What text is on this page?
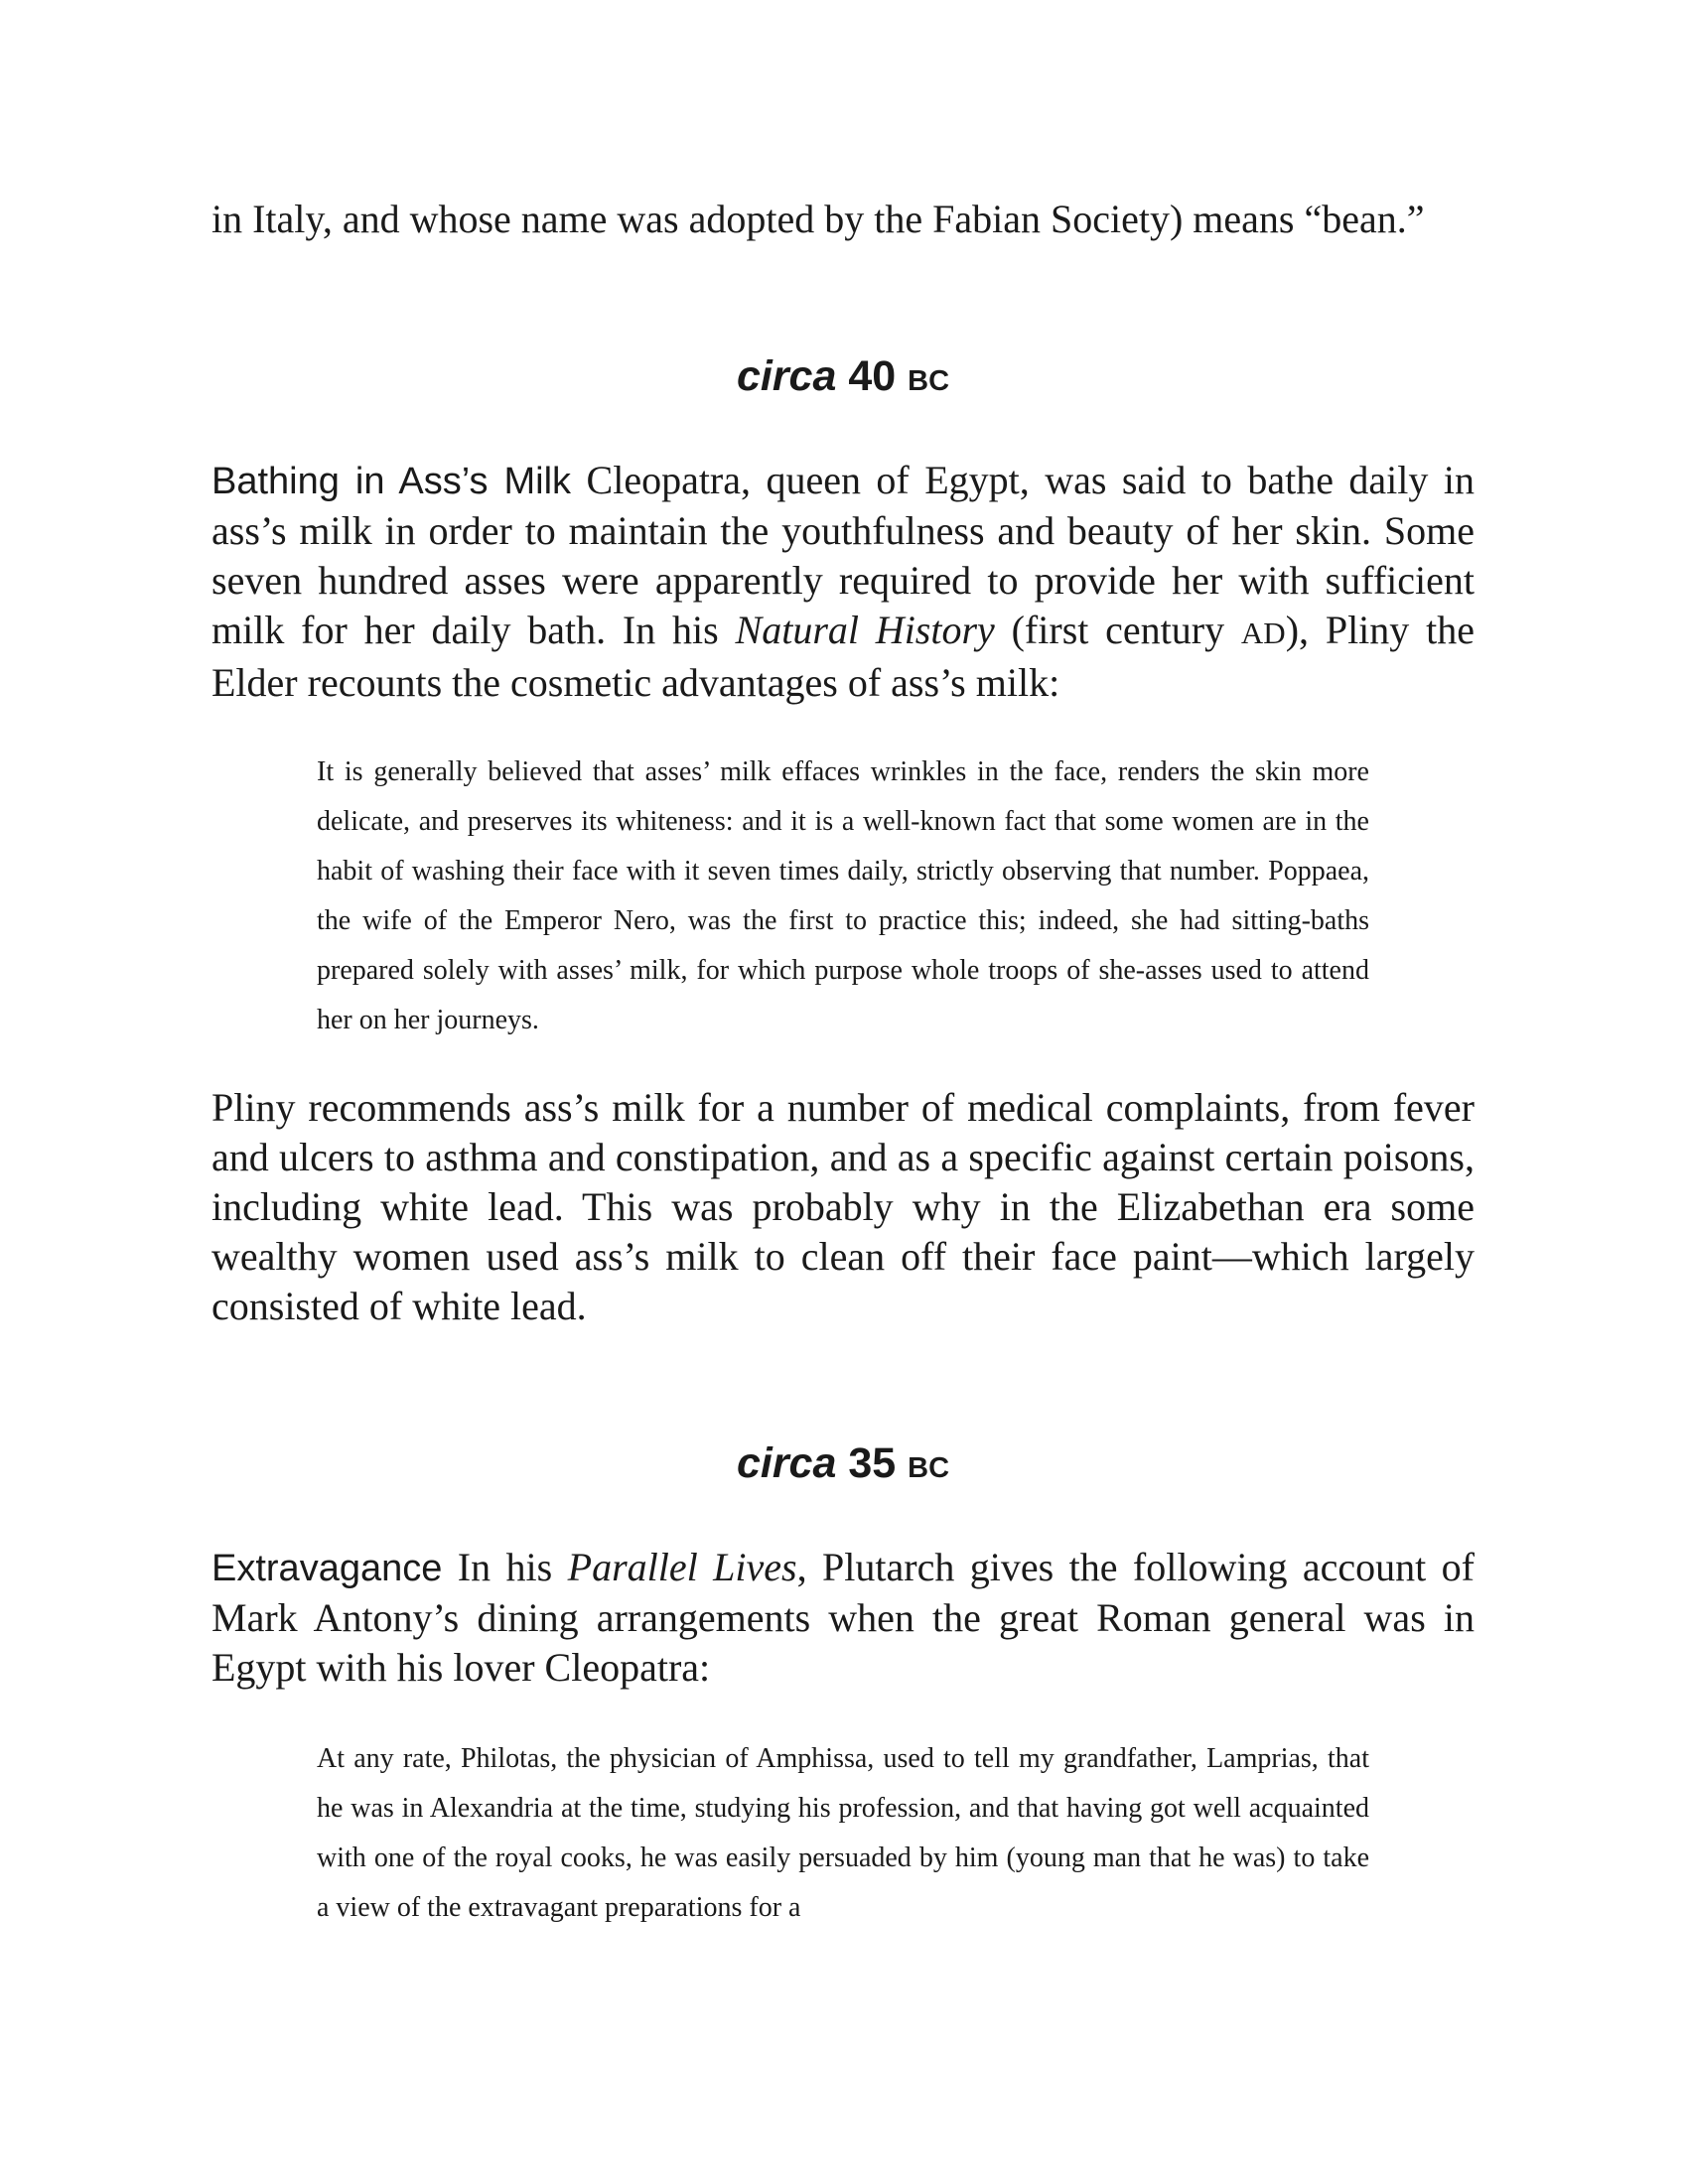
in Italy, and whose name was adopted by the Fabian Society) means “bean.”

circa 40 BC

Bathing in Ass’s Milk Cleopatra, queen of Egypt, was said to bathe daily in ass’s milk in order to maintain the youthfulness and beauty of her skin. Some seven hundred asses were apparently required to provide her with sufficient milk for her daily bath. In his Natural History (first century AD), Pliny the Elder recounts the cosmetic advantages of ass’s milk:

It is generally believed that asses’ milk effaces wrinkles in the face, renders the skin more delicate, and preserves its whiteness: and it is a well-known fact that some women are in the habit of washing their face with it seven times daily, strictly observing that number. Poppaea, the wife of the Emperor Nero, was the first to practice this; indeed, she had sitting-baths prepared solely with asses’ milk, for which purpose whole troops of she-asses used to attend her on her journeys.

Pliny recommends ass’s milk for a number of medical complaints, from fever and ulcers to asthma and constipation, and as a specific against certain poisons, including white lead. This was probably why in the Elizabethan era some wealthy women used ass’s milk to clean off their face paint—which largely consisted of white lead.

circa 35 BC

Extravagance In his Parallel Lives, Plutarch gives the following account of Mark Antony’s dining arrangements when the great Roman general was in Egypt with his lover Cleopatra:

At any rate, Philotas, the physician of Amphissa, used to tell my grandfather, Lamprias, that he was in Alexandria at the time, studying his profession, and that having got well acquainted with one of the royal cooks, he was easily persuaded by him (young man that he was) to take a view of the extravagant preparations for a
